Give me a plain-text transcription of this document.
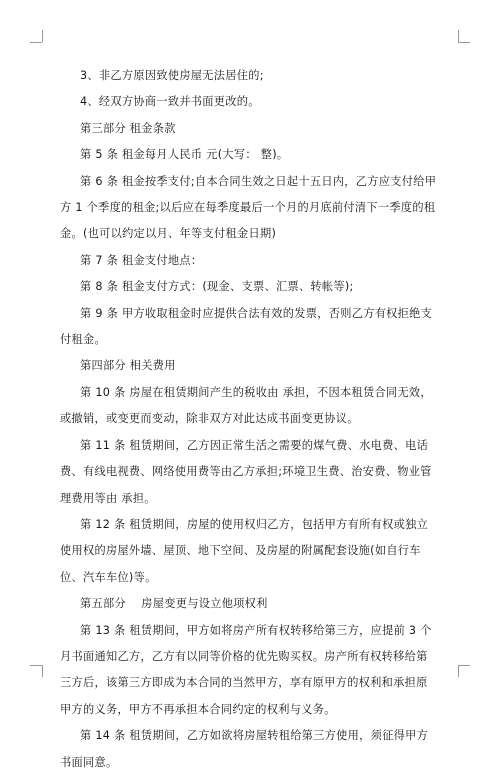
3、非乙方原因致使房屋无法居住的;

4、经双方协商一致并书面更改的。

第三部分 租金条款

第 5 条 租金每月人民币 元(大写： 整)。

第 6 条 租金按季支付;自本合同生效之日起十五日内，乙方应支付给甲方 1 个季度的租金;以后应在每季度最后一个月的月底前付清下一季度的租金。(也可以约定以月、年等支付租金日期)

第 7 条 租金支付地点：

第 8 条 租金支付方式：(现金、支票、汇票、转帐等);

第 9 条 甲方收取租金时应提供合法有效的发票，否则乙方有权拒绝支付租金。

第四部分 相关费用

第 10 条 房屋在租赁期间产生的税收由 承担，不因本租赁合同无效，或撤销，或变更而变动，除非双方对此达成书面变更协议。

第 11 条 租赁期间，乙方因正常生活之需要的煤气费、水电费、电话费、有线电视费、网络使用费等由乙方承担;环境卫生费、治安费、物业管理费用等由 承担。

第 12 条 租赁期间，房屋的使用权归乙方，包括甲方有所有权或独立使用权的房屋外墙、屋顶、地下空间、及房屋的附属配套设施(如自行车位、汽车车位)等。

第五部分　 房屋变更与设立他项权利

第 13 条 租赁期间，甲方如将房产所有权转移给第三方，应提前 3 个月书面通知乙方，乙方有以同等价格的优先购买权。房产所有权转移给第三方后，该第三方即成为本合同的当然甲方，享有原甲方的权利和承担原甲方的义务，甲方不再承担本合同约定的权利与义务。

第 14 条 租赁期间，乙方如欲将房屋转租给第三方使用，须征得甲方书面同意。
